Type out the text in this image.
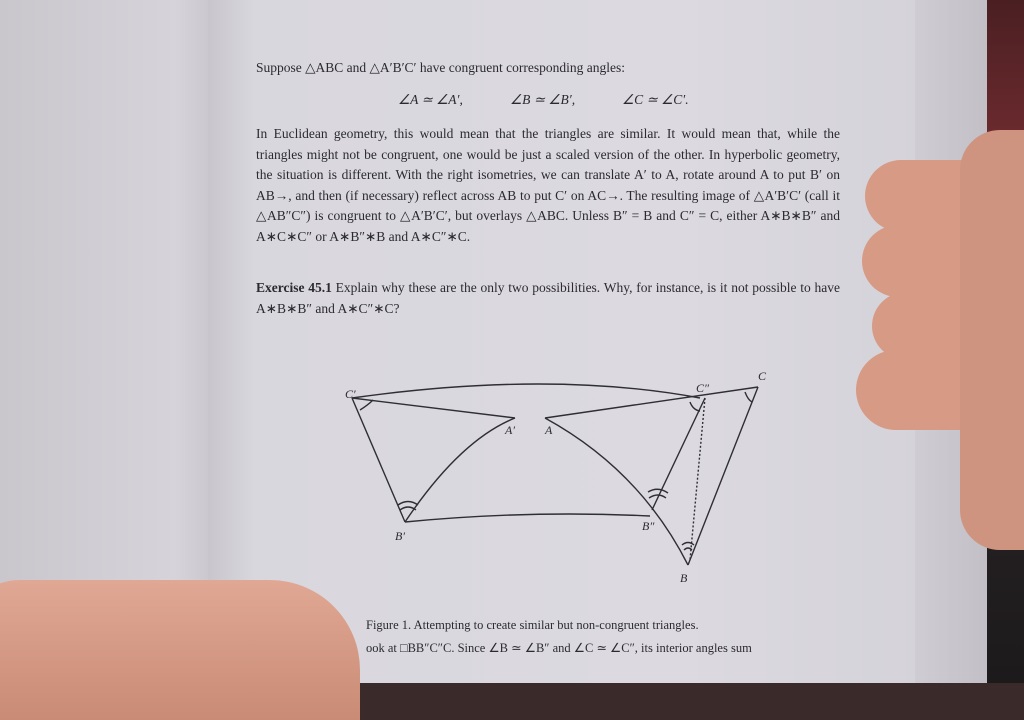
Suppose △ABC and △A′B′C′ have congruent corresponding angles:
∠A ≃ ∠A′,	∠B ≃ ∠B′,	∠C ≃ ∠C′.
In Euclidean geometry, this would mean that the triangles are similar. It would mean that, while the triangles might not be congruent, one would be just a scaled version of the other. In hyperbolic geometry, the situation is different. With the right isometries, we can translate A′ to A, rotate around A to put B′ on AB→, and then (if necessary) reflect across AB to put C′ on AC→. The resulting image of △A′B′C′ (call it △AB″C″) is congruent to △A′B′C′, but overlays △ABC. Unless B″ = B and C″ = C, either A∗B∗B″ and A∗C∗C″ or A∗B″∗B and A∗C″∗C.
Exercise 45.1 Explain why these are the only two possibilities. Why, for instance, is it not possible to have A∗B∗B″ and A∗C″∗C?
C′
A′	A
C″
C
B′
B″
B
Figure 1. Attempting to create similar but non-congruent triangles.
ook at □BB″C″C. Since ∠B ≃ ∠B″ and ∠C ≃ ∠C″, its interior angles sum
